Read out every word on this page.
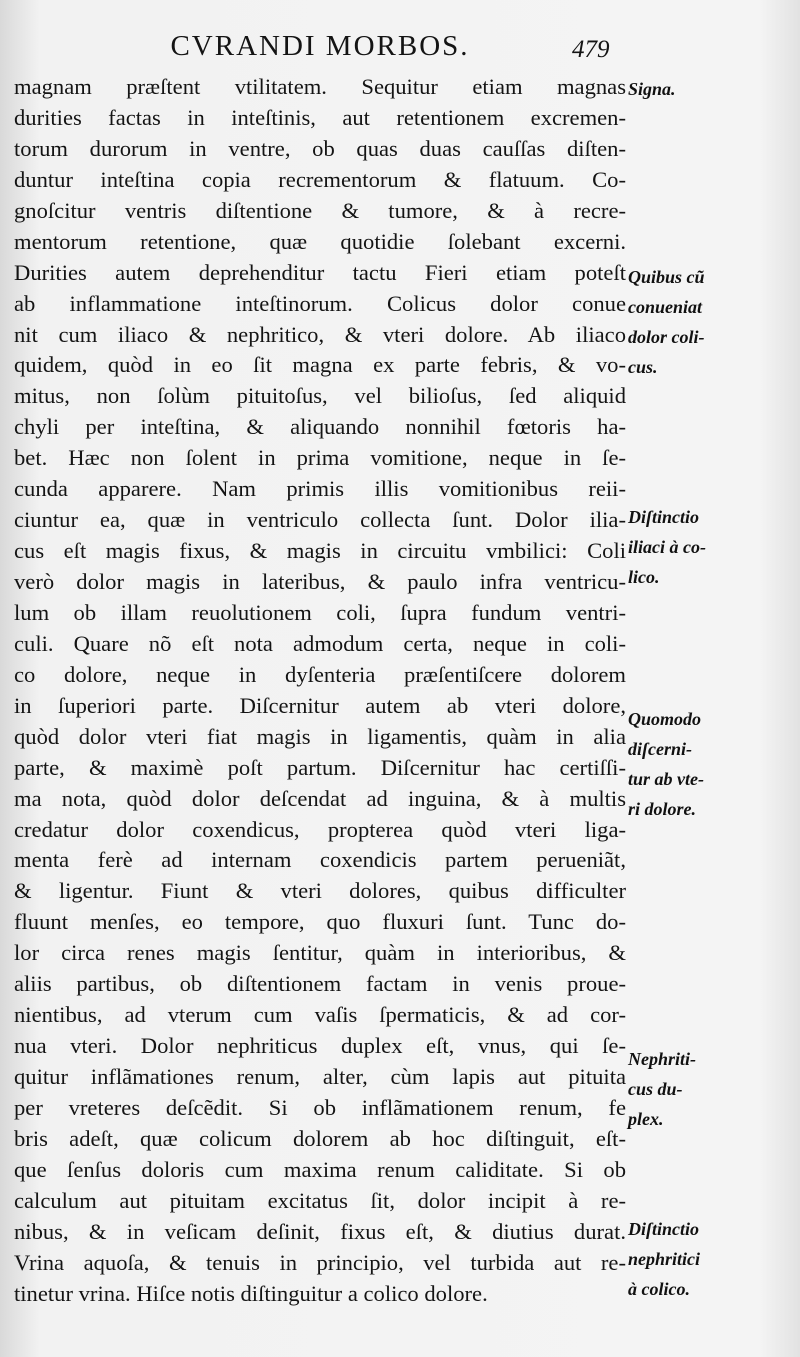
CVRANDI MORBOS.	479
magnam præſtent vtilitatem. Sequitur etiam magnas
durities factas in inteſtinis, aut retentionem excremen-
torum durorum in ventre, ob quas duas cauſſas diſten-
duntur inteſtina copia recrementorum & flatuum. Co-
gnoſcitur ventris diſtentione & tumore, & à recre-
mentorum retentione, quæ quotidie ſolebant excerni.
Durities autem deprehenditur tactu Fieri etiam poteſt
ab inflammatione inteſtinorum. Colicus dolor conue
nit cum iliaco & nephritico, & vteri dolore. Ab iliaco
quidem, quòd in eo ſit magna ex parte febris, & vo-
mitus, non ſolùm pituitoſus, vel bilioſus, ſed aliquid
chyli per inteſtina, & aliquando nonnihil fœtoris ha-
bet. Hæc non ſolent in prima vomitione, neque in ſe-
cunda apparere. Nam primis illis vomitionibus reii-
ciuntur ea, quæ in ventriculo collecta ſunt. Dolor ilia-
cus eſt magis fixus, & magis in circuitu vmbilici: Coli
verò dolor magis in lateribus, & paulo infra ventricu-
lum ob illam reuolutionem coli, ſupra fundum ventri-
culi. Quare nõ eſt nota admodum certa, neque in coli-
co dolore, neque in dyſenteria præſentiſcere dolorem
in ſuperiori parte. Diſcernitur autem ab vteri dolore,
quòd dolor vteri fiat magis in ligamentis, quàm in alia
parte, & maximè poſt partum. Diſcernitur hac certiſſi-
ma nota, quòd dolor deſcendat ad inguina, & à multis
credatur dolor coxendicus, propterea quòd vteri liga-
menta ferè ad internam coxendicis partem perueniãt,
& ligentur. Fiunt & vteri dolores, quibus difficulter
fluunt menſes, eo tempore, quo fluxuri ſunt. Tunc do-
lor circa renes magis ſentitur, quàm in interioribus, &
aliis partibus, ob diſtentionem factam in venis proue-
nientibus, ad vterum cum vaſis ſpermaticis, & ad cor-
nua vteri. Dolor nephriticus duplex eſt, vnus, qui ſe-
quitur inflãmationes renum, alter, cùm lapis aut pituita
per vreteres deſcẽdit. Si ob inflãmationem renum, fe
bris adeſt, quæ colicum dolorem ab hoc diſtinguit, eſt-
que ſenſus doloris cum maxima renum caliditate. Si ob
calculum aut pituitam excitatus ſit, dolor incipit à re-
nibus, & in veſicam deſinit, fixus eſt, & diutius durat.
Vrina aquoſa, & tenuis in principio, vel turbida aut re-
tinetur vrina. Hiſce notis diſtinguitur a colico dolore.
Signa.
Quibus cũ
conueniat
dolor coli-
cus.
Diſtinctio
iliaci à co-
lico.
Quomodo
diſcerni-
tur ab vte-
ri dolore.
Nephriti-
cus du-
plex.
Diſtinctio
nephritici
à colico.
